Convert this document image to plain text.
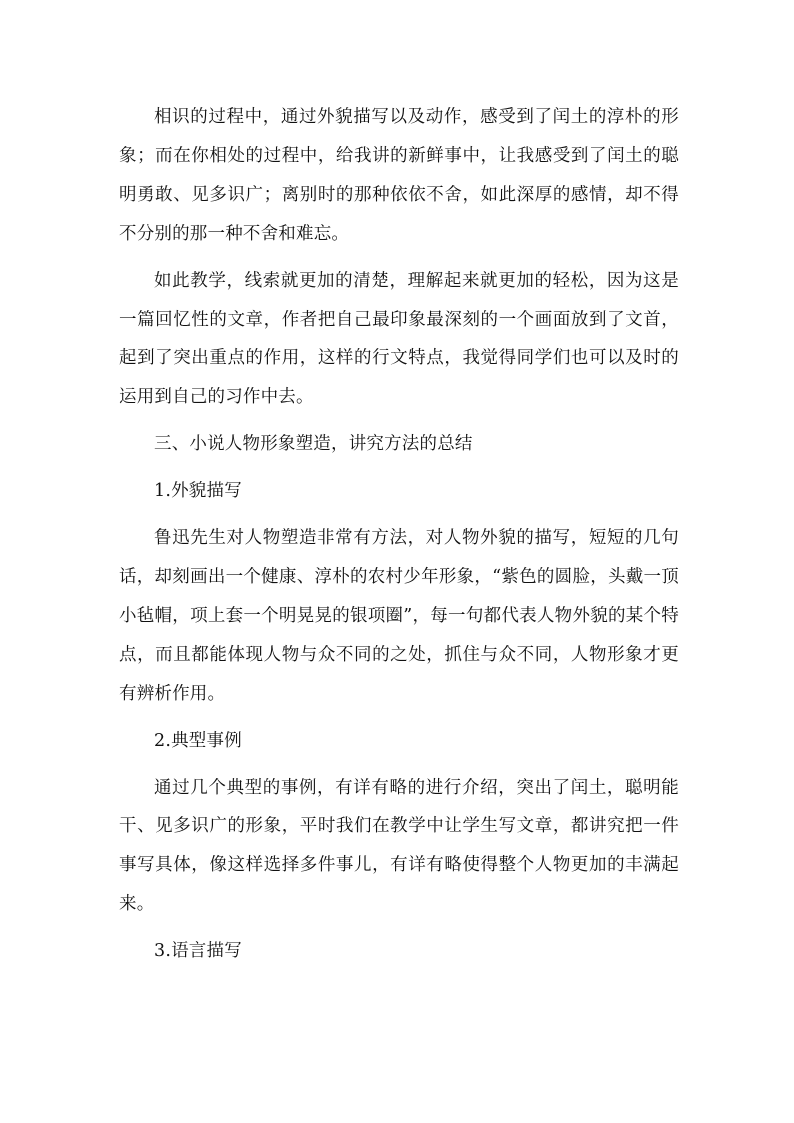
相识的过程中，通过外貌描写以及动作，感受到了闰土的淳朴的形象；而在你相处的过程中，给我讲的新鲜事中，让我感受到了闰土的聪明勇敢、见多识广；离别时的那种依依不舍，如此深厚的感情，却不得不分别的那一种不舍和难忘。

如此教学，线索就更加的清楚，理解起来就更加的轻松，因为这是一篇回忆性的文章，作者把自己最印象最深刻的一个画面放到了文首，起到了突出重点的作用，这样的行文特点，我觉得同学们也可以及时的运用到自己的习作中去。

三、小说人物形象塑造，讲究方法的总结

1.外貌描写

鲁迅先生对人物塑造非常有方法，对人物外貌的描写，短短的几句话，却刻画出一个健康、淳朴的农村少年形象，“紫色的圆脸，头戴一顶小毡帽，项上套一个明晃晃的银项圈”，每一句都代表人物外貌的某个特点，而且都能体现人物与众不同的之处，抓住与众不同，人物形象才更有辨析作用。

2.典型事例

通过几个典型的事例，有详有略的进行介绍，突出了闰土，聪明能干、见多识广的形象，平时我们在教学中让学生写文章，都讲究把一件事写具体，像这样选择多件事儿，有详有略使得整个人物更加的丰满起来。

3.语言描写
